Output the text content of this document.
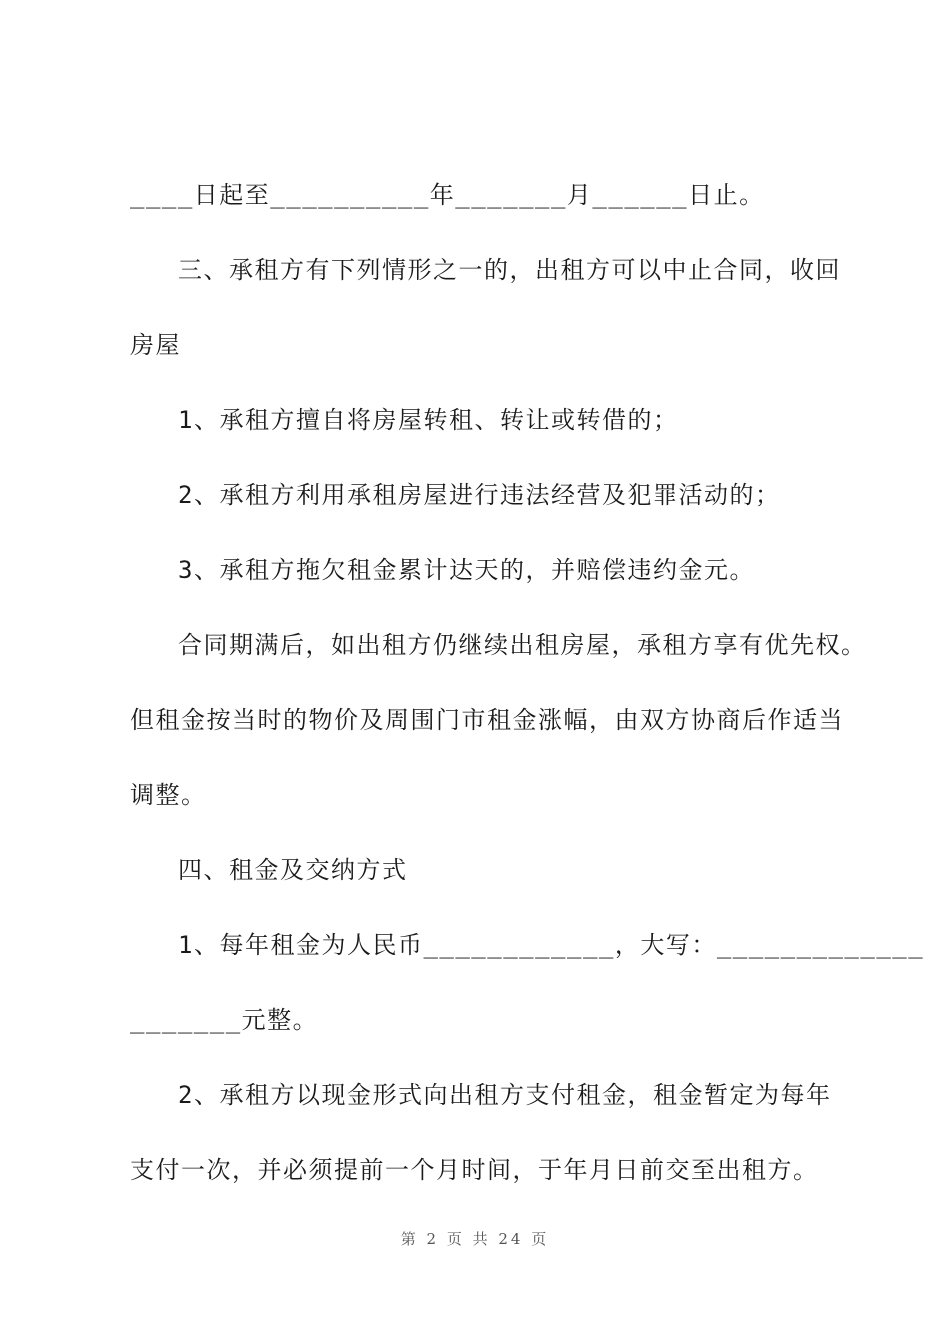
____日起至__________年_______月______日止。
三、承租方有下列情形之一的，出租方可以中止合同，收回
房屋
1、承租方擅自将房屋转租、转让或转借的；
2、承租方利用承租房屋进行违法经营及犯罪活动的；
3、承租方拖欠租金累计达天的，并赔偿违约金元。
合同期满后，如出租方仍继续出租房屋，承租方享有优先权。
但租金按当时的物价及周围门市租金涨幅，由双方协商后作适当
调整。
四、租金及交纳方式
1、每年租金为人民币____________，大写：_____________
_______元整。
2、承租方以现金形式向出租方支付租金，租金暂定为每年
支付一次，并必须提前一个月时间，于年月日前交至出租方。
第 2 页 共 24 页
